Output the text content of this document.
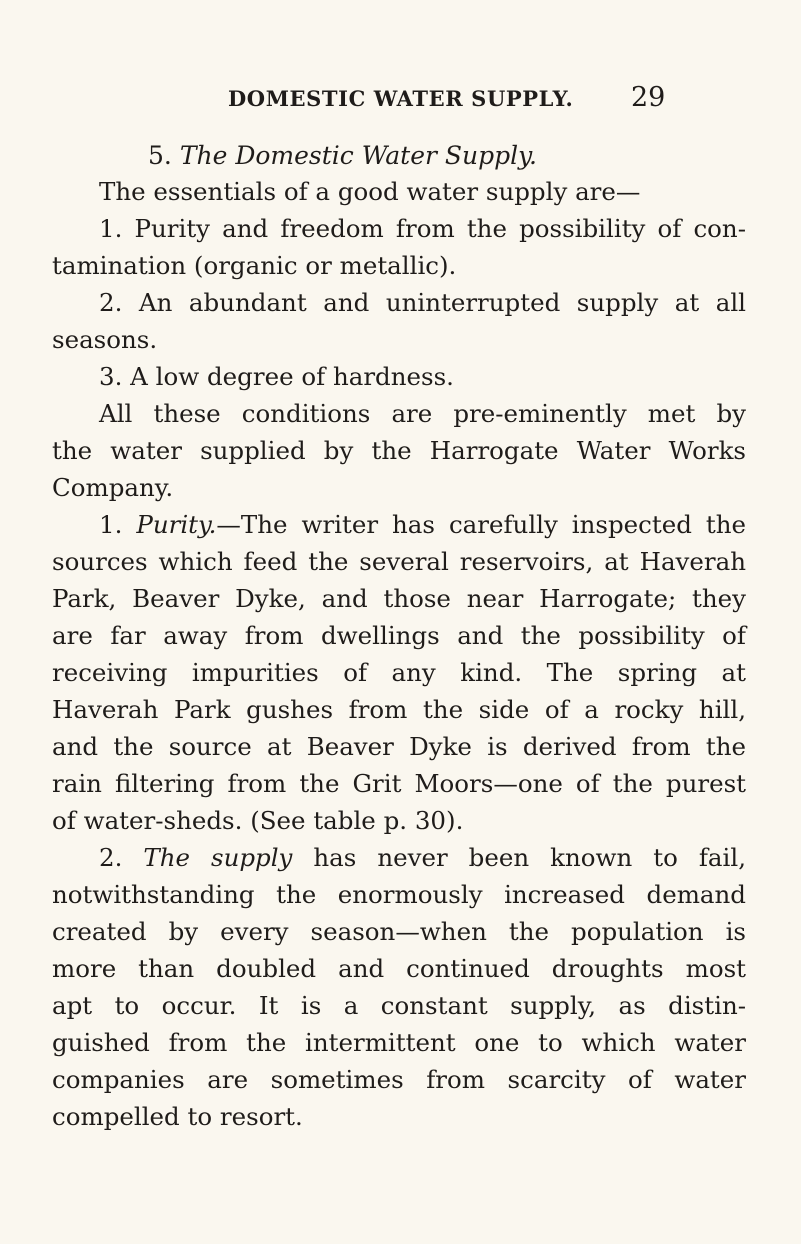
DOMESTIC WATER SUPPLY. 29
5. The Domestic Water Supply.
The essentials of a good water supply are—
1. Purity and freedom from the possibility of con-
tamination (organic or metallic).
2. An abundant and uninterrupted supply at all
seasons.
3. A low degree of hardness.
All these conditions are pre-eminently met by
the water supplied by the Harrogate Water Works
Company.
1. Purity.—The writer has carefully inspected the
sources which feed the several reservoirs, at Haverah
Park, Beaver Dyke, and those near Harrogate; they
are far away from dwellings and the possibility of
receiving impurities of any kind. The spring at
Haverah Park gushes from the side of a rocky hill,
and the source at Beaver Dyke is derived from the
rain filtering from the Grit Moors—one of the purest
of water-sheds. (See table p. 30).
2. The supply has never been known to fail,
notwithstanding the enormously increased demand
created by every season—when the population is
more than doubled and continued droughts most
apt to occur. It is a constant supply, as distin-
guished from the intermittent one to which water
companies are sometimes from scarcity of water
compelled to resort.
